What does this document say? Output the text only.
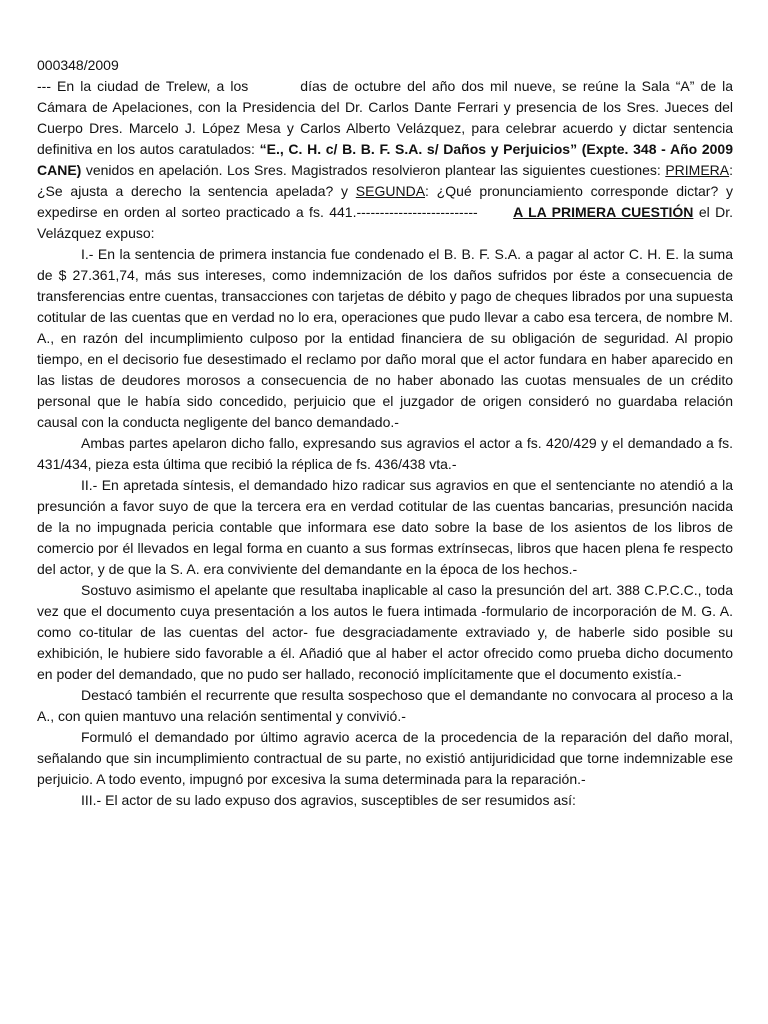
000348/2009

--- En la ciudad de Trelew, a los	días de octubre del año dos mil nueve, se reúne la Sala “A” de la Cámara de Apelaciones, con la Presidencia del Dr. Carlos Dante Ferrari y presencia de los Sres. Jueces del Cuerpo Dres. Marcelo J. López Mesa y Carlos Alberto Velázquez, para celebrar acuerdo y dictar sentencia definitiva en los autos caratulados: “E., C. H. c/ B. B. F. S.A. s/ Daños y Perjuicios” (Expte. 348 - Año 2009 CANE) venidos en apelación. Los Sres. Magistrados resolvieron plantear las siguientes cuestiones: PRIMERA: ¿Se ajusta a derecho la sentencia apelada? y SEGUNDA: ¿Qué pronunciamiento corresponde dictar? y expedirse en orden al sorteo practicado a fs. 441.--------------------------	A LA PRIMERA CUESTIÓN el Dr. Velázquez expuso:

I.- En la sentencia de primera instancia fue condenado el B. B. F. S.A. a pagar al actor C. H. E. la suma de $ 27.361,74, más sus intereses, como indemnización de los daños sufridos por éste a consecuencia de transferencias entre cuentas, transacciones con tarjetas de débito y pago de cheques librados por una supuesta cotitular de las cuentas que en verdad no lo era, operaciones que pudo llevar a cabo esa tercera, de nombre M. A., en razón del incumplimiento culposo por la entidad financiera de su obligación de seguridad. Al propio tiempo, en el decisorio fue desestimado el reclamo por daño moral que el actor fundara en haber aparecido en las listas de deudores morosos a consecuencia de no haber abonado las cuotas mensuales de un crédito personal que le había sido concedido, perjuicio que el juzgador de origen consideró no guardaba relación causal con la conducta negligente del banco demandado.-

Ambas partes apelaron dicho fallo, expresando sus agravios el actor a fs. 420/429 y el demandado a fs. 431/434, pieza esta última que recibió la réplica de fs. 436/438 vta.-

II.- En apretada síntesis, el demandado hizo radicar sus agravios en que el sentenciante no atendió a la presunción a favor suyo de que la tercera era en verdad cotitular de las cuentas bancarias, presunción nacida de la no impugnada pericia contable que informara ese dato sobre la base de los asientos de los libros de comercio por él llevados en legal forma en cuanto a sus formas extrínsecas, libros que hacen plena fe respecto del actor, y de que la S. A. era conviviente del demandante en la época de los hechos.-

Sostuvo asimismo el apelante que resultaba inaplicable al caso la presunción del art. 388 C.P.C.C., toda vez que el documento cuya presentación a los autos le fuera intimada -formulario de incorporación de M. G. A. como co-titular de las cuentas del actor- fue desgraciadamente extraviado y, de haberle sido posible su exhibición, le hubiere sido favorable a él. Añadió que al haber el actor ofrecido como prueba dicho documento en poder del demandado, que no pudo ser hallado, reconoció implícitamente que el documento existía.-

Destacó también el recurrente que resulta sospechoso que el demandante no convocara al proceso a la A., con quien mantuvo una relación sentimental y convivió.-

Formuló el demandado por último agravio acerca de la procedencia de la reparación del daño moral, señalando que sin incumplimiento contractual de su parte, no existió antijuridicidad que torne indemnizable ese perjuicio. A todo evento, impugnó por excesiva la suma determinada para la reparación.-

III.- El actor de su lado expuso dos agravios, susceptibles de ser resumidos así:
